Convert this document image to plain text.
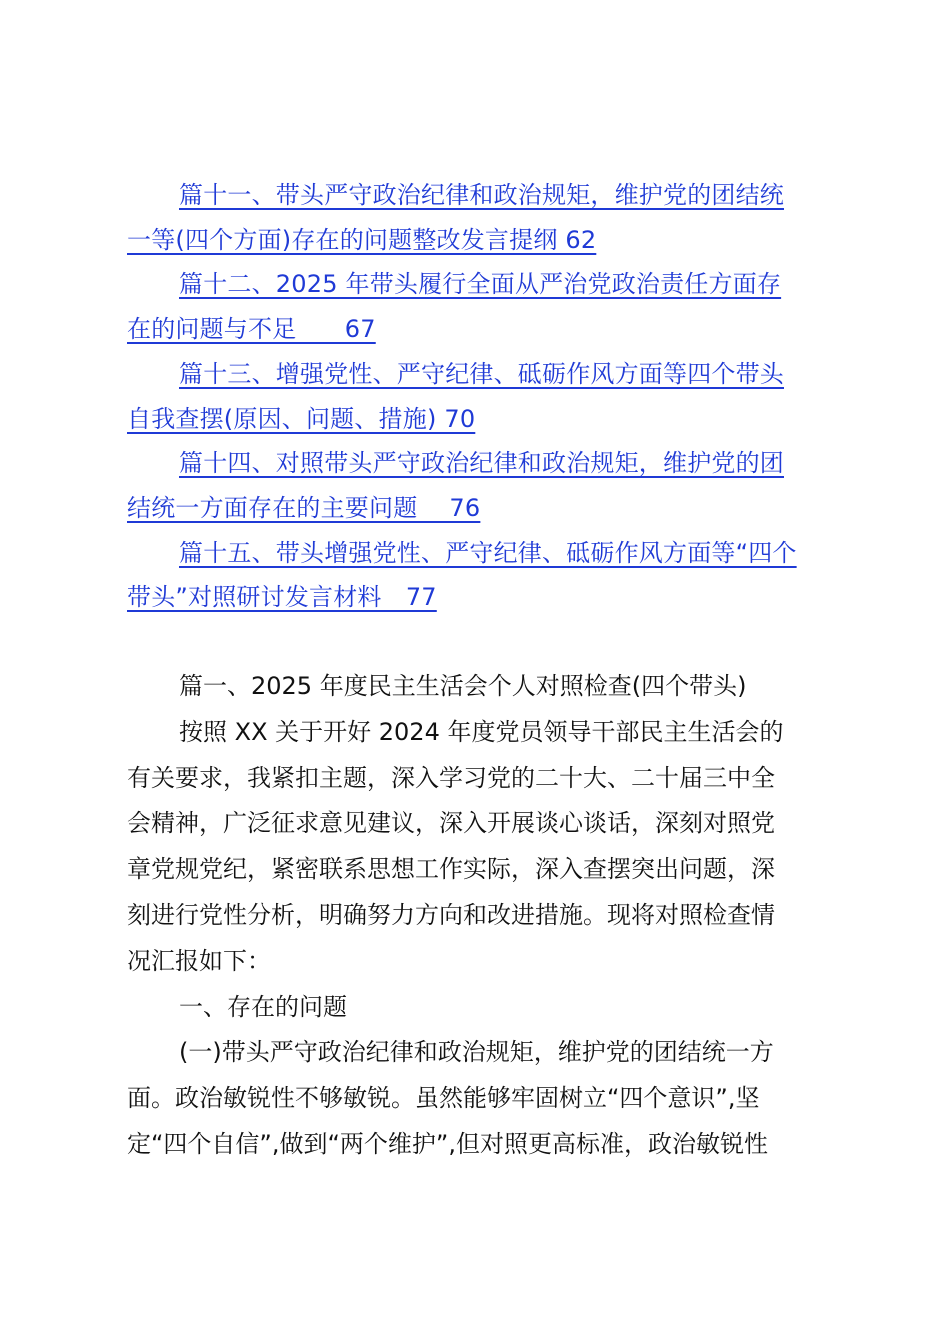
篇十一、带头严守政治纪律和政治规矩，维护党的团结统
一等(四个方面)存在的问题整改发言提纲 62
篇十二、2025 年带头履行全面从严治党政治责任方面存
在的问题与不足　　67
篇十三、增强党性、严守纪律、砥砺作风方面等四个带头
自我查摆(原因、问题、措施) 70
篇十四、对照带头严守政治纪律和政治规矩，维护党的团
结统一方面存在的主要问题　 76
篇十五、带头增强党性、严守纪律、砥砺作风方面等“四个
带头”对照研讨发言材料　77
篇一、2025 年度民主生活会个人对照检查(四个带头)
按照 XX 关于开好 2024 年度党员领导干部民主生活会的
有关要求，我紧扣主题，深入学习党的二十大、二十届三中全
会精神，广泛征求意见建议，深入开展谈心谈话，深刻对照党
章党规党纪，紧密联系思想工作实际，深入查摆突出问题，深
刻进行党性分析，明确努力方向和改进措施。现将对照检查情
况汇报如下：
一、存在的问题
(一)带头严守政治纪律和政治规矩，维护党的团结统一方
面。政治敏锐性不够敏锐。虽然能够牢固树立“四个意识”,坚
定“四个自信”,做到“两个维护”,但对照更高标准，政治敏锐性
